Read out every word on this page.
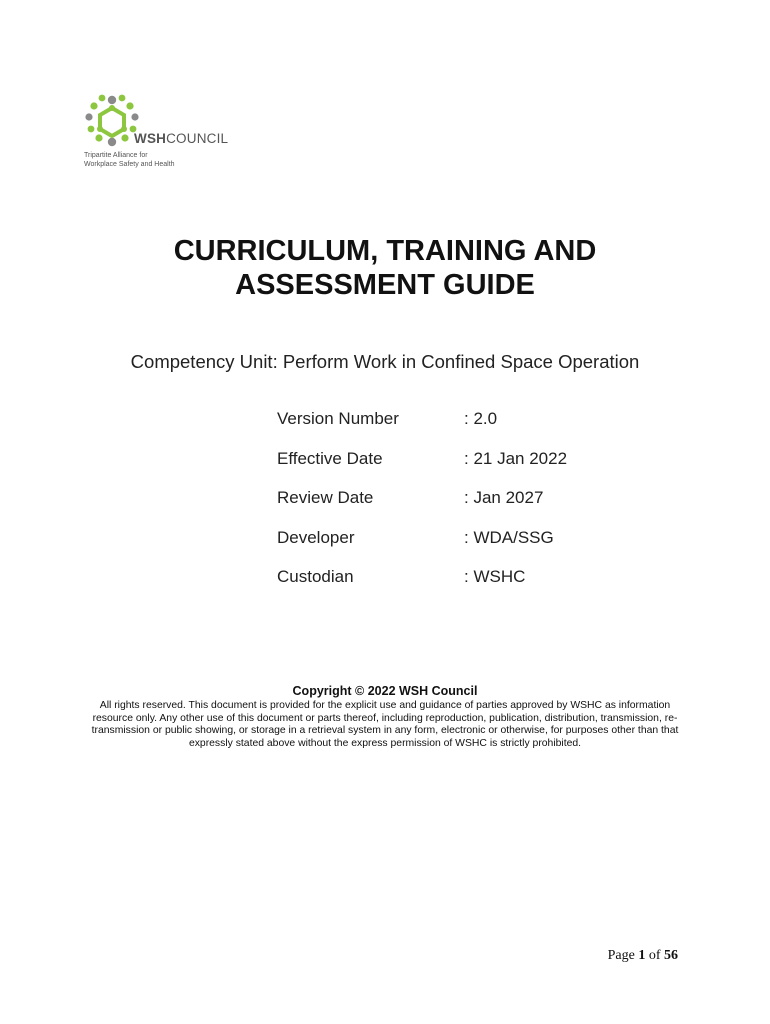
WSHCOUNCIL
Tripartite Alliance for
Workplace Safety and Health
CURRICULUM, TRAINING AND
ASSESSMENT GUIDE
Competency Unit: Perform Work in Confined Space Operation
Version Number	: 2.0
Effective Date	: 21 Jan 2022
Review Date	: Jan 2027
Developer	: WDA/SSG
Custodian	: WSHC
Copyright © 2022 WSH Council
All rights reserved. This document is provided for the explicit use and guidance of parties approved by WSHC as information resource only. Any other use of this document or parts thereof, including reproduction, publication, distribution, transmission, re-transmission or public showing, or storage in a retrieval system in any form, electronic or otherwise, for purposes other than that expressly stated above without the express permission of WSHC is strictly prohibited.
Page 1 of 56
